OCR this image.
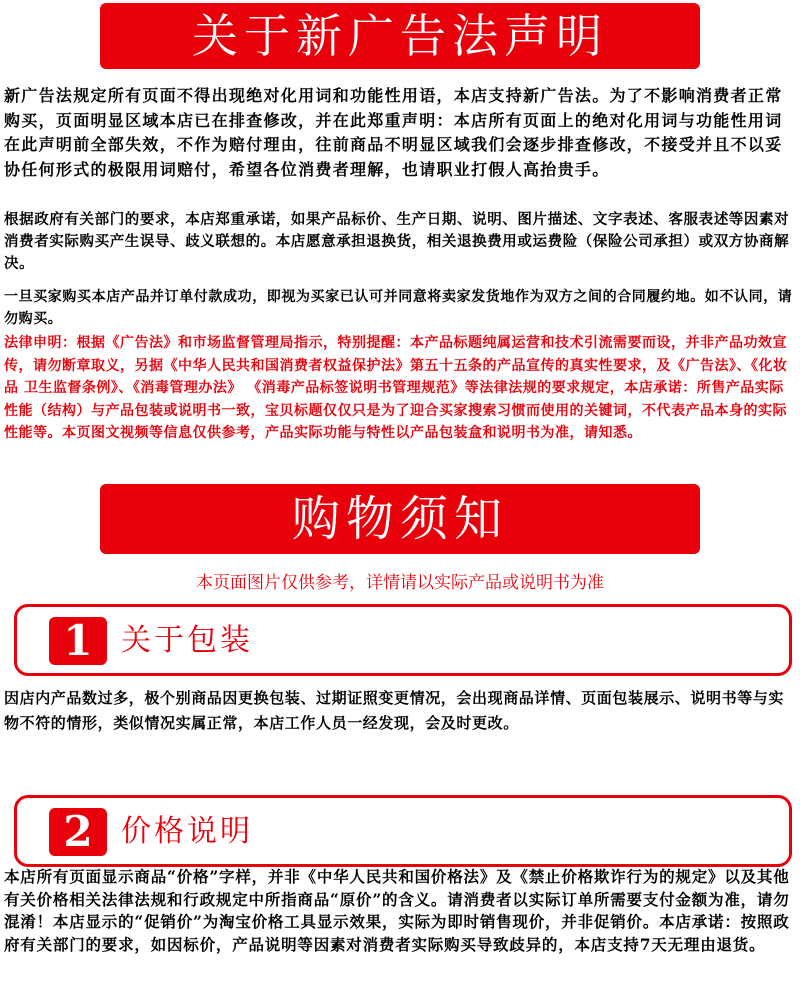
关于新广告法声明

新广告法规定所有页面不得出现绝对化用词和功能性用语，本店支持新广告法。为了不影响消费者正常购买，页面明显区域本店已在排查修改，并在此郑重声明：本店所有页面上的绝对化用词与功能性用词在此声明前全部失效，不作为赔付理由，往前商品不明显区域我们会逐步排查修改，不接受并且不以妥协任何形式的极限用词赔付，希望各位消费者理解，也请职业打假人高抬贵手。

根据政府有关部门的要求，本店郑重承诺，如果产品标价、生产日期、说明、图片描述、文字表述、客服表述等因素对消费者实际购买产生误导、歧义联想的。本店愿意承担退换货，相关退换费用或运费险（保险公司承担）或双方协商解决。

一旦买家购买本店产品并订单付款成功，即视为买家已认可并同意将卖家发货地作为双方之间的合同履约地。如不认同，请勿购买。

法律申明：根据《广告法》和市场监督管理局指示，特别提醒：本产品标题纯属运营和技术引流需要而设，并非产品功效宣传，请勿断章取义，另据《中华人民共和国消费者权益保护法》第五十五条的产品宣传的真实性要求，及《广告法》、《化妆品 卫生监督条例》、《消毒管理办法》 《消毒产品标签说明书管理规范》等法律法规的要求规定，本店承诺：所售产品实际性能（结构）与产品包装或说明书一致，宝贝标题仅仅只是为了迎合买家搜索习惯而使用的关键词，不代表产品本身的实际性能等。本页图文视频等信息仅供参考，产品实际功能与特性以产品包装盒和说明书为准，请知悉。

购物须知
本页面图片仅供参考，详情请以实际产品或说明书为准
1 关于包装

因店内产品数过多，极个别商品因更换包装、过期证照变更情况，会出现商品详情、页面包装展示、说明书等与实物不符的情形，类似情况实属正常，本店工作人员一经发现，会及时更改。

2 价格说明

本店所有页面显示商品“价格”字样，并非《中华人民共和国价格法》及《禁止价格欺诈行为的规定》以及其他有关价格相关法律法规和行政规定中所指商品“原价”的含义。请消费者以实际订单所需要支付金额为准，请勿混淆！本店显示的“促销价”为淘宝价格工具显示效果，实际为即时销售现价，并非促销价。本店承诺：按照政府有关部门的要求，如因标价，产品说明等因素对消费者实际购买导致歧异的，本店支持7天无理由退货。
